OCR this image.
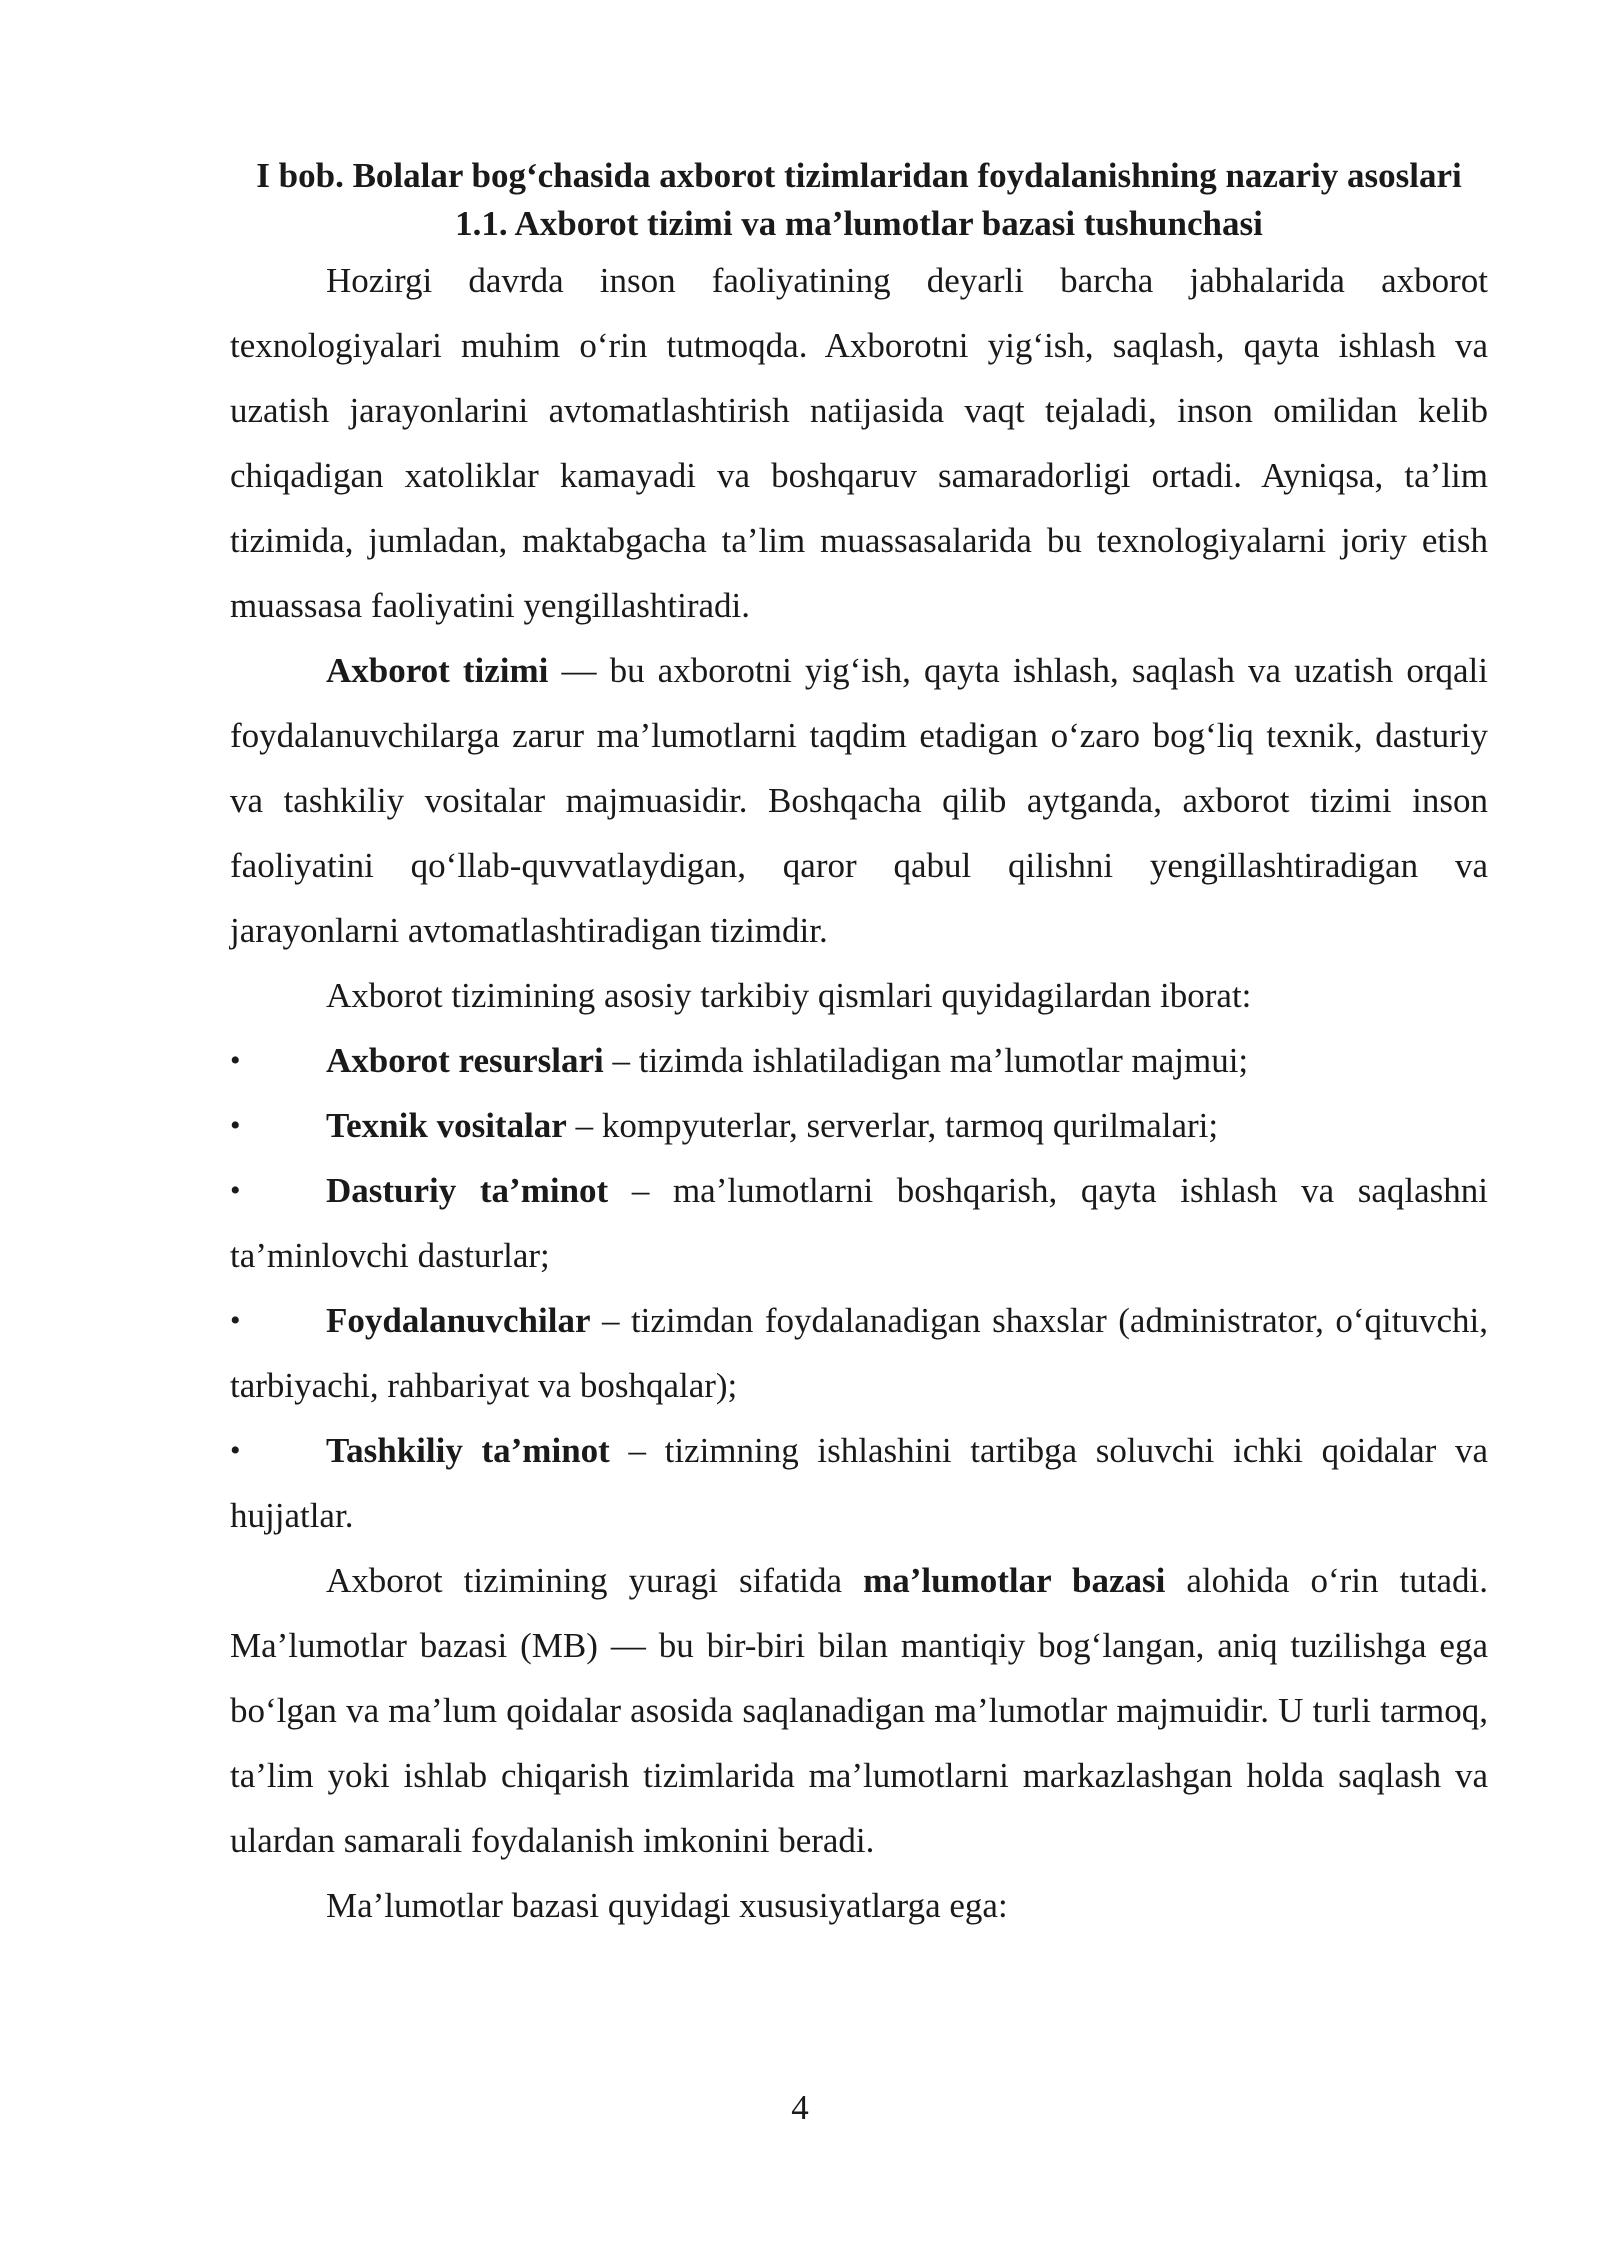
I bob. Bolalar bog‘chasida axborot tizimlaridan foydalanishning nazariy asoslari

1.1. Axborot tizimi va ma’lumotlar bazasi tushunchasi

Hozirgi davrda inson faoliyatining deyarli barcha jabhalarida axborot texnologiyalari muhim o‘rin tutmoqda. Axborotni yig‘ish, saqlash, qayta ishlash va uzatish jarayonlarini avtomatlashtirish natijasida vaqt tejaladi, inson omilidan kelib chiqadigan xatoliklar kamayadi va boshqaruv samaradorligi ortadi. Ayniqsa, ta’lim tizimida, jumladan, maktabgacha ta’lim muassasalarida bu texnologiyalarni joriy etish muassasa faoliyatini yengillashtiradi.

Axborot tizimi — bu axborotni yig‘ish, qayta ishlash, saqlash va uzatish orqali foydalanuvchilarga zarur ma’lumotlarni taqdim etadigan o‘zaro bog‘liq texnik, dasturiy va tashkiliy vositalar majmuasidir. Boshqacha qilib aytganda, axborot tizimi inson faoliyatini qo‘llab-quvvatlaydigan, qaror qabul qilishni yengillashtiradigan va jarayonlarni avtomatlashtiradigan tizimdir.

Axborot tizimining asosiy tarkibiy qismlari quyidagilardan iborat:

• Axborot resurslari – tizimda ishlatiladigan ma’lumotlar majmui;

• Texnik vositalar – kompyuterlar, serverlar, tarmoq qurilmalari;

• Dasturiy ta’minot – ma’lumotlarni boshqarish, qayta ishlash va saqlashni ta’minlovchi dasturlar;

• Foydalanuvchilar – tizimdan foydalanadigan shaxslar (administrator, o‘qituvchi, tarbiyachi, rahbariyat va boshqalar);

• Tashkiliy ta’minot – tizimning ishlashini tartibga soluvchi ichki qoidalar va hujjatlar.

Axborot tizimining yuragi sifatida ma’lumotlar bazasi alohida o‘rin tutadi. Ma’lumotlar bazasi (MB) — bu bir-biri bilan mantiqiy bog‘langan, aniq tuzilishga ega bo‘lgan va ma’lum qoidalar asosida saqlanadigan ma’lumotlar majmuidir. U turli tarmoq, ta’lim yoki ishlab chiqarish tizimlarida ma’lumotlarni markazlashgan holda saqlash va ulardan samarali foydalanish imkonini beradi.

Ma’lumotlar bazasi quyidagi xususiyatlarga ega:

4
